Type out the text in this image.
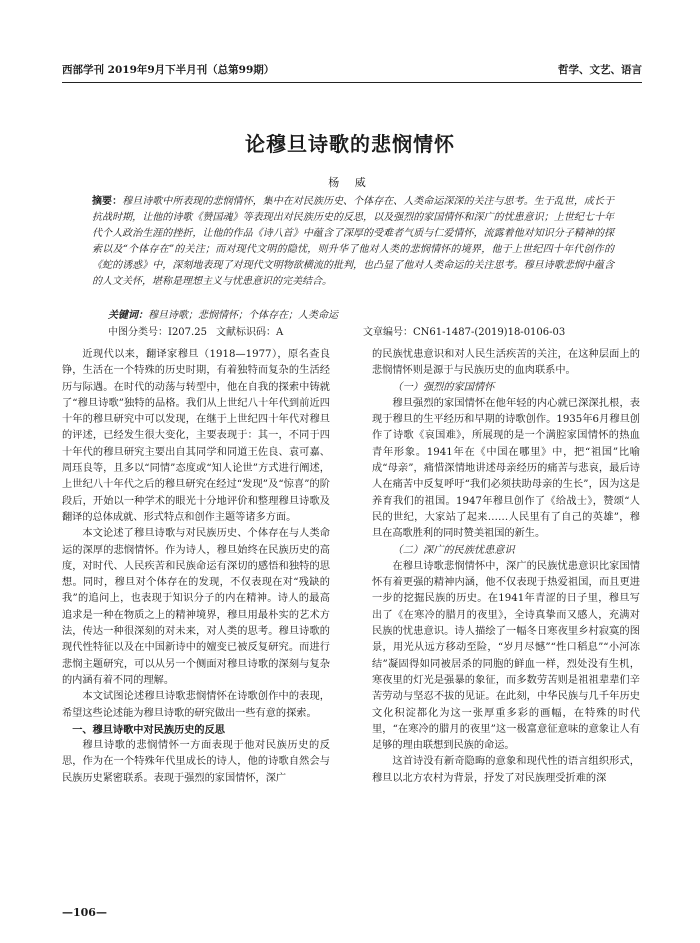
西部学刊 2019年9月下半月刊（总第99期）	哲学、文艺、语言
论穆旦诗歌的悲悯情怀
杨 威
摘要：穆旦诗歌中所表现的悲悯情怀，集中在对民族历史、个体存在、人类命运深深的关注与思考。生于乱世，成长于抗战时期，让他的诗歌《赞国魂》等表现出对民族历史的反思，以及强烈的家国情怀和深广的忧患意识；上世纪七十年代个人政治生涯的挫折，让他的作品《诗八首》中蕴含了深厚的受难者气质与仁爱情怀，流露着他对知识分子精神的探索以及“个体存在”的关注；而对现代文明的隐忧，则升华了他对人类的悲悯情怀的境界，他于上世纪四十年代创作的《蛇的诱惑》中，深刻地表现了对现代文明物欲横流的批判，也凸显了他对人类命运的关注思考。穆旦诗歌悲悯中蕴含的人文关怀，堪称是理想主义与忧患意识的完美结合。
关键词：穆旦诗歌；悲悯情怀；个体存在；人类命运
中图分类号：I207.25 文献标识码：A	文章编号：CN61-1487-(2019)18-0106-03

近现代以来，翻译家穆旦（1918—1977），原名查良铮，生活在一个特殊的历史时期，有着独特而复杂的生活经历与际遇。在时代的动荡与转型中，他在自我的探索中铸就了“穆旦诗歌”独特的品格。我们从上世纪八十年代到前近四十年的穆旦研究中可以发现，在继于上世纪四十年代对穆旦的评述，已经发生很大变化，主要表现于：其一，不同于四十年代的穆旦研究主要出自其同学和同道王佐良、袁可嘉、周珏良等，且多以“同情”态度或“知人论世”方式进行阐述，上世纪八十年代之后的穆旦研究在经过“发现”及“惊喜”的阶段后，开始以一种学术的眼光十分地评价和整理穆旦诗歌及翻译的总体成就、形式特点和创作主题等诸多方面。

本文论述了穆旦诗歌与对民族历史、个体存在与人类命运的深厚的悲悯情怀。作为诗人，穆旦始终在民族历史的高度，对时代、人民疾苦和民族命运有深切的感悟和独特的思想。同时，穆旦对个体存在的发现，不仅表现在对“残缺的我”的追问上，也表现于知识分子的内在精神。诗人的最高追求是一种在物质之上的精神境界，穆旦用最朴实的艺术方法，传达一种很深刻的对未来，对人类的思考。穆旦诗歌的现代性特征以及在中国新诗中的嬗变已被反复研究。而进行悲悯主题研究，可以从另一个侧面对穆旦诗歌的深刻与复杂的内涵有着不同的理解。

本文试图论述穆旦诗歌悲悯情怀在诗歌创作中的表现，希望这些论述能为穆旦诗歌的研究做出一些有意的探索。

一、穆旦诗歌中对民族历史的反思

穆旦诗歌的悲悯情怀一方面表现于他对民族历史的反思，作为在一个特殊年代里成长的诗人，他的诗歌自然会与民族历史紧密联系。表现于强烈的家国情怀，深广

的民族忧患意识和对人民生活疾苦的关注，在这种层面上的悲悯情怀则是源于与民族历史的血肉联系中。

（一）强烈的家国情怀

穆旦强烈的家国情怀在他年轻的内心就已深深扎根，表现于穆旦的生平经历和早期的诗歌创作。1935年6月穆旦创作了诗歌《哀国难》，所展现的是一个满腔家国情怀的热血青年形象。1941年在《中国在哪里》中，把“祖国”比喻成“母亲”，痛惜深情地讲述母亲经历的痛苦与悲哀，最后诗人在痛苦中反复呼吁“我们必须扶助母亲的生长”，因为这是养育我们的祖国。1947年穆旦创作了《给战士》，赞颂“人民的世纪，大家站了起来……人民里有了自己的英雄”，穆旦在高歌胜利的同时赞美祖国的新生。

（二）深广的民族忧患意识

在穆旦诗歌悲悯情怀中，深广的民族忧患意识比家国情怀有着更强的精神内涵，他不仅表现于热爱祖国，而且更进一步的挖掘民族的历史。在1941年青涩的日子里，穆旦写出了《在寒冷的腊月的夜里》，全诗真挚而又感人，充满对民族的忧患意识。诗人描绘了一幅冬日寒夜里乡村寂寞的图景，用光从远方移动至险，“岁月尽憾”“性口稻息”“小河冻结”凝固得如同被居杀的同胞的鲜血一样，烈处没有生机，寒夜里的灯光是强暴的象征，而多数劳苦则是祖祖辈辈们辛苦劳动与坚忍不拔的见证。在此刻，中华民族与几千年历史文化积淀都化为这一张厚重多彩的画幅，在特殊的时代里，“在寒冷的腊月的夜里”这一极富意征意味的意象让人有足够的理由联想到民族的命运。

这首诗没有新奇隐晦的意象和现代性的语言组织形式，穆旦以北方农村为背景，抒发了对民族理受折难的深

—106—
